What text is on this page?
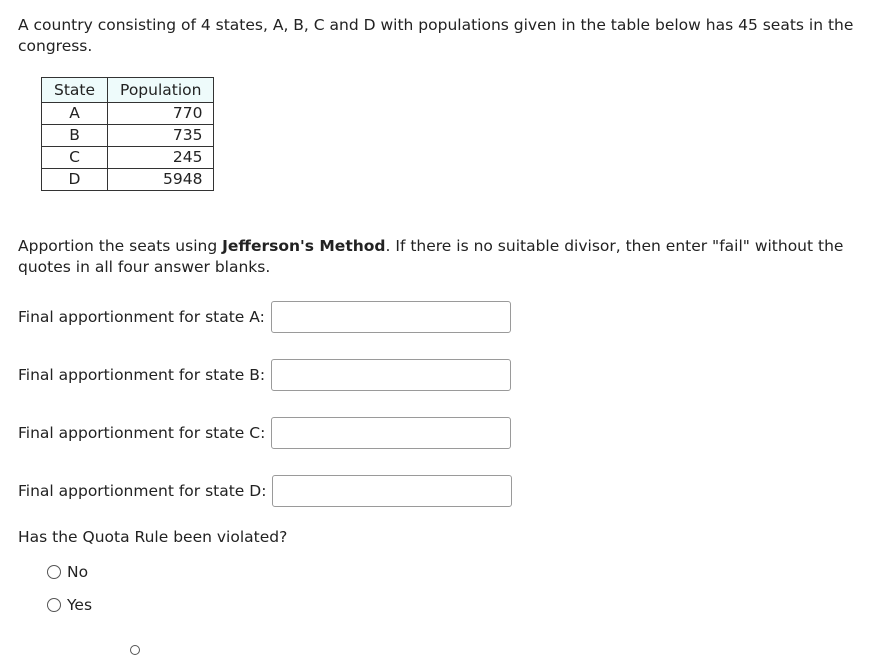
A country consisting of 4 states, A, B, C and D with populations given in the table below has 45 seats in the congress.

State	Population
A	770
B	735
C	245
D	5948

Apportion the seats using Jefferson's Method. If there is no suitable divisor, then enter "fail" without the quotes in all four answer blanks.

Final apportionment for state A:
Final apportionment for state B:
Final apportionment for state C:
Final apportionment for state D:

Has the Quota Rule been violated?

No
Yes
